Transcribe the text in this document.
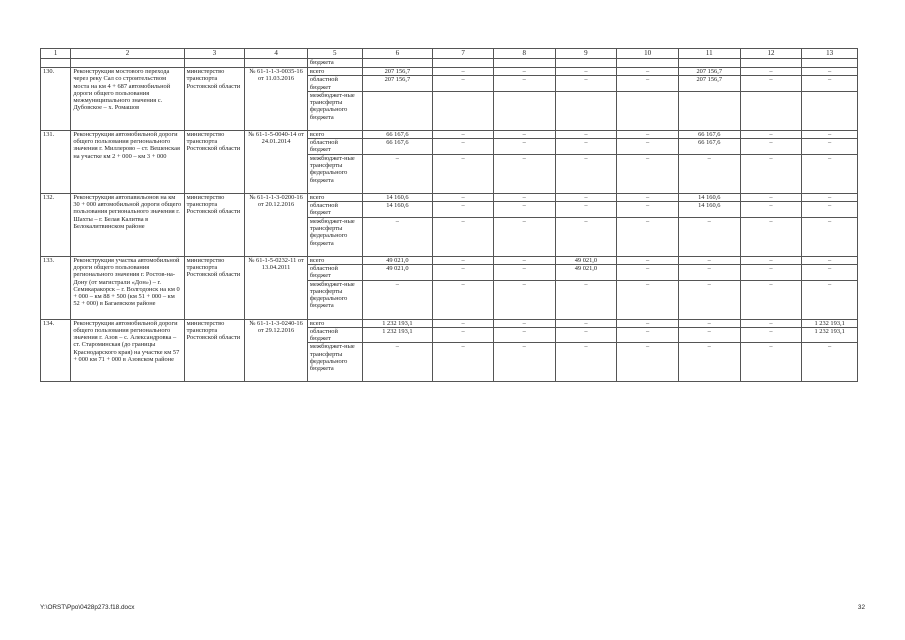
1	2	3	4	5	6	7	8	9	10	11	12	13
				бюджета								
130.	Реконструкция мостового перехода через реку Сал со строительством моста на км 4 + 687 автомобильной дороги общего пользования межмуниципального значения с. Дубовское – х. Ромашов	министерство транспорта Ростовской области	№ 61-1-1-3-0035-16 от 11.03.2016	всего	207 156,7	–	–	–	–	207 156,7	–	–
				областной бюджет	207 156,7	–	–	–	–	207 156,7	–	–
				межбюджет-ные трансферты федерального бюджета								
131.	Реконструкция автомобильной дороги общего пользования регионального значения г. Миллерово – ст. Вешенская на участке км 2 + 000 – км 3 + 000	министерство транспорта Ростовской области	№ 61-1-5-0040-14 от 24.01.2014	всего	66 167,6	–	–	–	–	66 167,6	–	–
				областной бюджет	66 167,6	–	–	–	–	66 167,6	–	–
				межбюджет-ные трансферты федерального бюджета	–	–	–	–	–	–	–	–
132.	Реконструкция автопавильонов на км 30 + 000 автомобильной дороги общего пользования регионального значения г. Шахты – г. Белая Калитва в Белокалитвинском районе	министерство транспорта Ростовской области	№ 61-1-1-3-0200-16 от 20.12.2016	всего	14 160,6	–	–	–	–	14 160,6	–	–
				областной бюджет	14 160,6	–	–	–	–	14 160,6	–	–
				межбюджет-ные трансферты федерального бюджета	–	–	–	–	–	–	–	–
133.	Реконструкция участка автомобильной дороги общего пользования регионального значения г. Ростов-на-Дону (от магистрали «Дон») – г. Семикаракорск – г. Волгодонск на км 0 + 000 – км 88 + 500 (км 51 + 000 – км 52 + 000) в Багаевском районе	министерство транспорта Ростовской области	№ 61-1-5-0232-11 от 13.04.2011	всего	49 021,0	–	–	49 021,0	–	–	–	–
				областной бюджет	49 021,0	–	–	49 021,0	–	–	–	–
				межбюджет-ные трансферты федерального бюджета	–	–	–	–	–	–	–	–
134.	Реконструкция автомобильной дороги общего пользования регионального значения г. Азов – с. Александровка – ст. Староминская (до границы Краснодарского края) на участке км 57 + 000 км 71 + 000 в Азовском районе	министерство транспорта Ростовской области	№ 61-1-1-3-0240-16 от 29.12.2016	всего	1 232 193,1	–	–	–	–	–	–	1 232 193,1
				областной бюджет	1 232 193,1	–	–	–	–	–	–	1 232 193,1
				межбюджет-ные трансферты федерального бюджета	–	–	–	–	–	–	–	–
Y:\ORST\Ppo\0428p273.f18.docx	32
